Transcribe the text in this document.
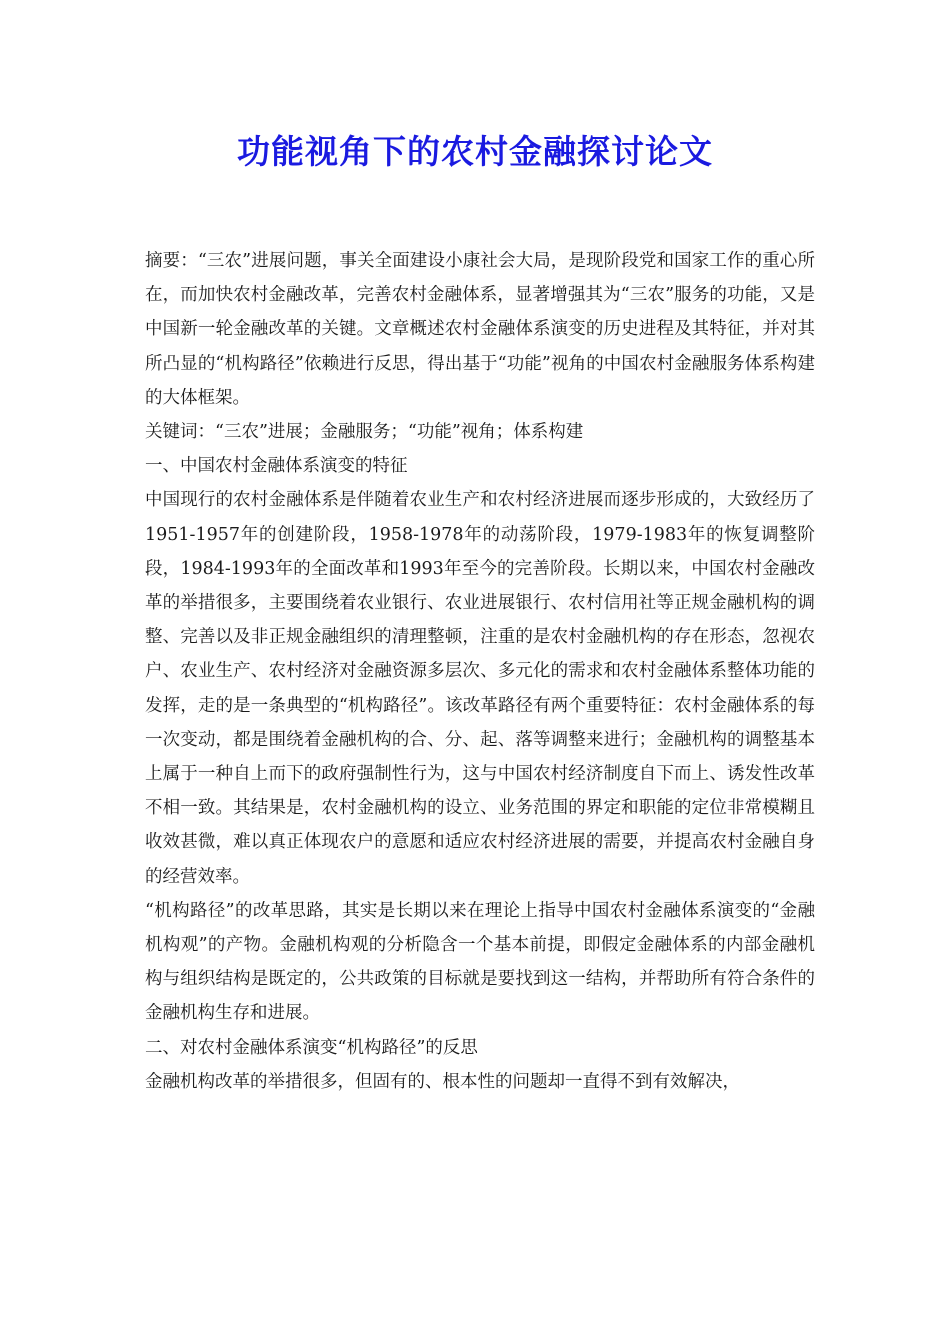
功能视角下的农村金融探讨论文

摘要：“三农”进展问题，事关全面建设小康社会大局，是现阶段党和国家工作的重心所在，而加快农村金融改革，完善农村金融体系，显著增强其为“三农”服务的功能，又是中国新一轮金融改革的关键。文章概述农村金融体系演变的历史进程及其特征，并对其所凸显的“机构路径”依赖进行反思，得出基于“功能”视角的中国农村金融服务体系构建的大体框架。

关键词：“三农”进展；金融服务；“功能”视角；体系构建

一、中国农村金融体系演变的特征

中国现行的农村金融体系是伴随着农业生产和农村经济进展而逐步形成的，大致经历了1951-1957年的创建阶段，1958-1978年的动荡阶段，1979-1983年的恢复调整阶段，1984-1993年的全面改革和1993年至今的完善阶段。长期以来，中国农村金融改革的举措很多，主要围绕着农业银行、农业进展银行、农村信用社等正规金融机构的调整、完善以及非正规金融组织的清理整顿，注重的是农村金融机构的存在形态，忽视农户、农业生产、农村经济对金融资源多层次、多元化的需求和农村金融体系整体功能的发挥，走的是一条典型的“机构路径”。该改革路径有两个重要特征：农村金融体系的每一次变动，都是围绕着金融机构的合、分、起、落等调整来进行；金融机构的调整基本上属于一种自上而下的政府强制性行为，这与中国农村经济制度自下而上、诱发性改革不相一致。其结果是，农村金融机构的设立、业务范围的界定和职能的定位非常模糊且收效甚微，难以真正体现农户的意愿和适应农村经济进展的需要，并提高农村金融自身的经营效率。

“机构路径”的改革思路，其实是长期以来在理论上指导中国农村金融体系演变的“金融机构观”的产物。金融机构观的分析隐含一个基本前提，即假定金融体系的内部金融机构与组织结构是既定的，公共政策的目标就是要找到这一结构，并帮助所有符合条件的金融机构生存和进展。

二、对农村金融体系演变“机构路径”的反思

金融机构改革的举措很多，但固有的、根本性的问题却一直得不到有效解决，
